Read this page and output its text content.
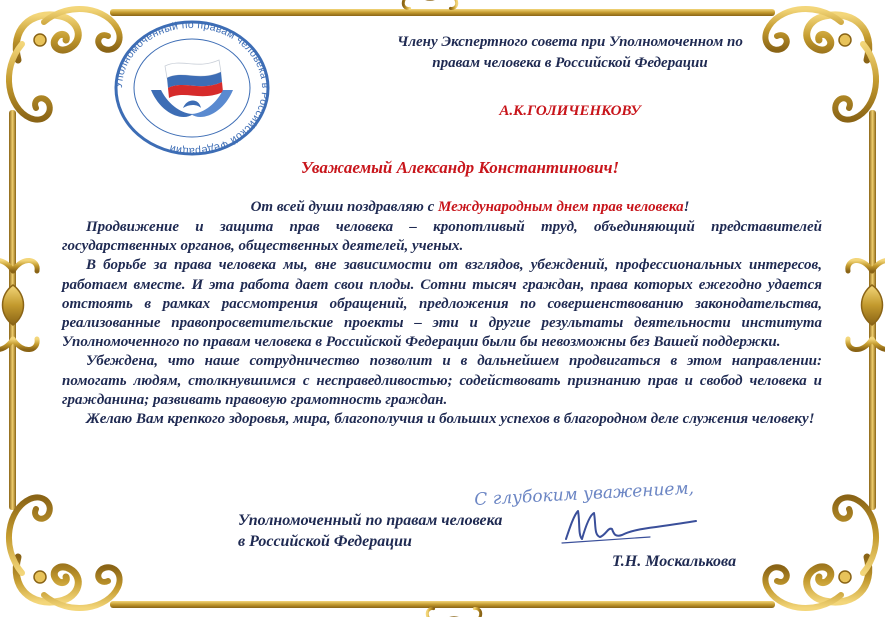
Уполномоченный по правам человека в Российской Федерации
Члену Экспертного совета при Уполномоченном по
правам человека в Российской Федерации
А.К.ГОЛИЧЕНКОВУ
Уважаемый Александр Константинович!
От всей души поздравляю с Международным днем прав человека!

Продвижение и защита прав человека – кропотливый труд, объединяющий представителей государственных органов, общественных деятелей, ученых.

В борьбе за права человека мы, вне зависимости от взглядов, убеждений, профессиональных интересов, работаем вместе. И эта работа дает свои плоды. Сотни тысяч граждан, права которых ежегодно удается отстоять в рамках рассмотрения обращений, предложения по совершенствованию законодательства, реализованные правопросветительские проекты – эти и другие результаты деятельности института Уполномоченного по правам человека в Российской Федерации были бы невозможны без Вашей поддержки.

Убеждена, что наше сотрудничество позволит и в дальнейшем продвигаться в этом направлении: помогать людям, столкнувшимся с несправедливостью; содействовать признанию прав и свобод человека и гражданина; развивать правовую грамотность граждан.

Желаю Вам крепкого здоровья, мира, благополучия и больших успехов в благородном деле служения человеку!

С глубоким уважением,
Уполномоченный по правам человека
в Российской Федерации
Т.Н. Москалькова
